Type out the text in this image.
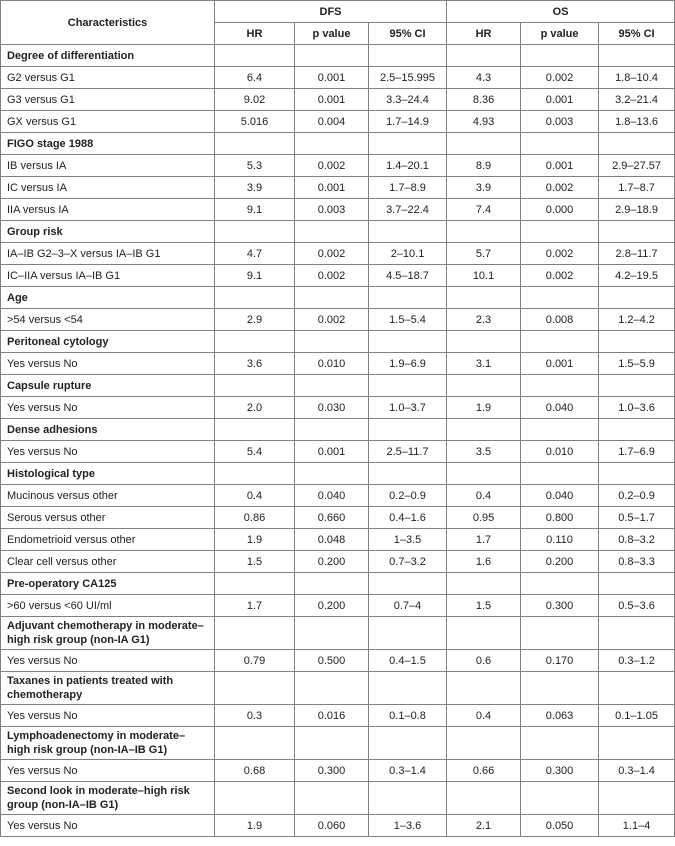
Characteristics	DFS			OS		
	HR	p value	95% CI	HR	p value	95% CI
Degree of differentiation						
G2 versus G1	6.4	0.001	2.5–15.995	4.3	0.002	1.8–10.4
G3 versus G1	9.02	0.001	3.3–24.4	8.36	0.001	3.2–21.4
GX versus G1	5.016	0.004	1.7–14.9	4.93	0.003	1.8–13.6
FIGO stage 1988						
IB versus IA	5.3	0.002	1.4–20.1	8.9	0.001	2.9–27.57
IC versus IA	3.9	0.001	1.7–8.9	3.9	0.002	1.7–8.7
IIA versus IA	9.1	0.003	3.7–22.4	7.4	0.000	2.9–18.9
Group risk						
IA–IB G2–3–X versus IA–IB G1	4.7	0.002	2–10.1	5.7	0.002	2.8–11.7
IC–IIA versus IA–IB G1	9.1	0.002	4.5–18.7	10.1	0.002	4.2–19.5
Age						
>54 versus <54	2.9	0.002	1.5–5.4	2.3	0.008	1.2–4.2
Peritoneal cytology						
Yes versus No	3.6	0.010	1.9–6.9	3.1	0.001	1.5–5.9
Capsule rupture						
Yes versus No	2.0	0.030	1.0–3.7	1.9	0.040	1.0–3.6
Dense adhesions						
Yes versus No	5.4	0.001	2.5–11.7	3.5	0.010	1.7–6.9
Histological type						
Mucinous versus other	0.4	0.040	0.2–0.9	0.4	0.040	0.2–0.9
Serous versus other	0.86	0.660	0.4–1.6	0.95	0.800	0.5–1.7
Endometrioid versus other	1.9	0.048	1–3.5	1.7	0.110	0.8–3.2
Clear cell versus other	1.5	0.200	0.7–3.2	1.6	0.200	0.8–3.3
Pre-operatory CA125						
>60 versus <60 UI/ml	1.7	0.200	0.7–4	1.5	0.300	0.5–3.6
Adjuvant chemotherapy in moderate–high risk group (non-IA G1)						
Yes versus No	0.79	0.500	0.4–1.5	0.6	0.170	0.3–1.2
Taxanes in patients treated with chemotherapy						
Yes versus No	0.3	0.016	0.1–0.8	0.4	0.063	0.1–1.05
Lymphoadenectomy in moderate–high risk group (non-IA–IB G1)						
Yes versus No	0.68	0.300	0.3–1.4	0.66	0.300	0.3–1.4
Second look in moderate–high risk group (non-IA–IB G1)						
Yes versus No	1.9	0.060	1–3.6	2.1	0.050	1.1–4
